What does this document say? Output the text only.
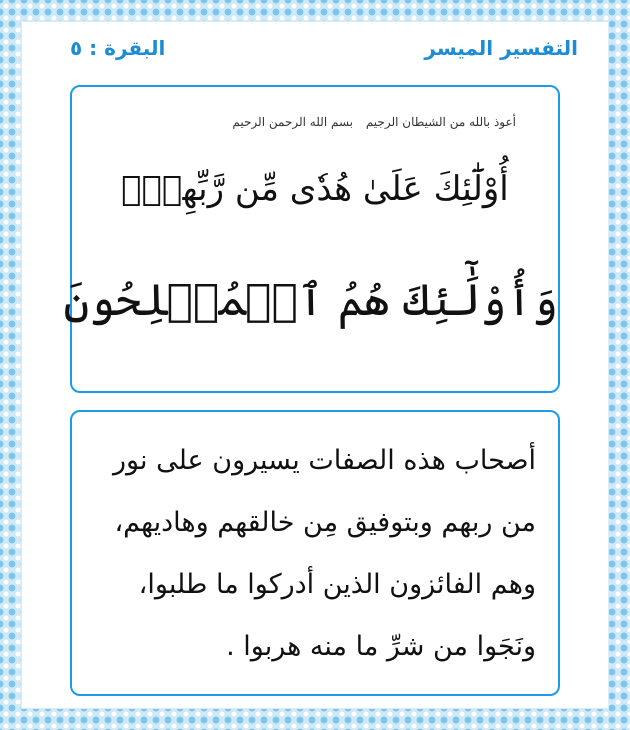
التفسير الميسر
البقرة : ٥
أعوذ بالله من الشيطان الرجيم
بسم الله الرحمن الرحيم
أُوْلَٰٓئِكَ عَلَىٰ هُدٗى مِّن رَّبِّهِمۡۖ
وَأُوْلَٰٓئِكَ هُمُ ٱلۡمُفۡلِحُونَ
أصحاب هذه الصفات يسيرون على نور من ربهم وبتوفيق مِن خالقهم وهاديهم، وهم الفائزون الذين أدركوا ما طلبوا، ونَجَوا من شرِّ ما منه هربوا .
